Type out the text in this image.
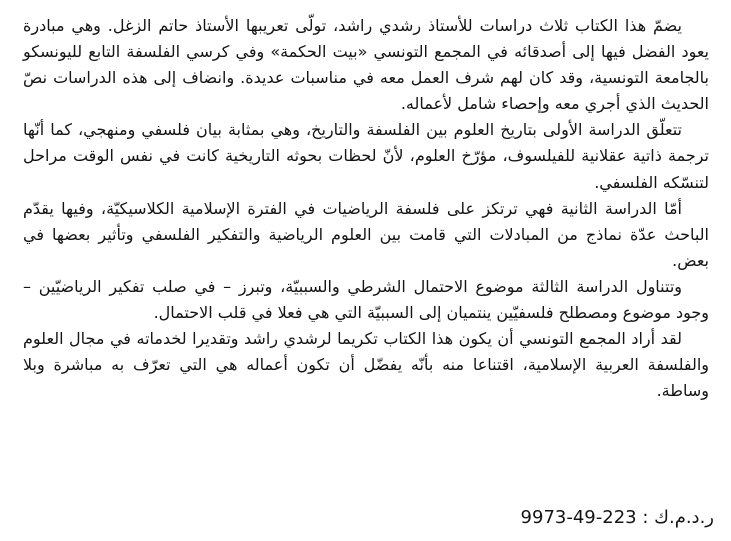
يضمّ هذا الكتاب ثلاث دراسات للأستاذ رشدي راشد، تولّى تعريبها الأستاذ حاتم الزغل. وهي مبادرة يعود الفضل فيها إلى أصدقائه في المجمع التونسي «بيت الحكمة» وفي كرسي الفلسفة التابع لليونسكو بالجامعة التونسية، وقد كان لهم شرف العمل معه في مناسبات عديدة. وانضاف إلى هذه الدراسات نصّ الحديث الذي أجري معه وإحصاء شامل لأعماله.

تتعلّق الدراسة الأولى بتاريخ العلوم بين الفلسفة والتاريخ، وهي بمثابة بيان فلسفي ومنهجي، كما أنّها ترجمة ذاتية عقلانية للفيلسوف، مؤرّخ العلوم، لأنّ لحظات بحوثه التاريخية كانت في نفس الوقت مراحل لتنسّكه الفلسفي.

أمّا الدراسة الثانية فهي ترتكز على فلسفة الرياضيات في الفترة الإسلامية الكلاسيكيّة، وفيها يقدّم الباحث عدّة نماذج من المبادلات التي قامت بين العلوم الرياضية والتفكير الفلسفي وتأثير بعضها في بعض.

وتتناول الدراسة الثالثة موضوع الاحتمال الشرطي والسببيّة، وتبرز – في صلب تفكير الرياضيّين – وجود موضوع ومصطلح فلسفيّين ينتميان إلى السببيّة التي هي فعلا في قلب الاحتمال.

لقد أراد المجمع التونسي أن يكون هذا الكتاب تكريما لرشدي راشد وتقديرا لخدماته في مجال العلوم والفلسفة العربية الإسلامية، اقتناعا منه بأنّه يفضّل أن تكون أعماله هي التي تعرّف به مباشرة وبلا وساطة.

ر.د.م.ك : 223-49-9973
